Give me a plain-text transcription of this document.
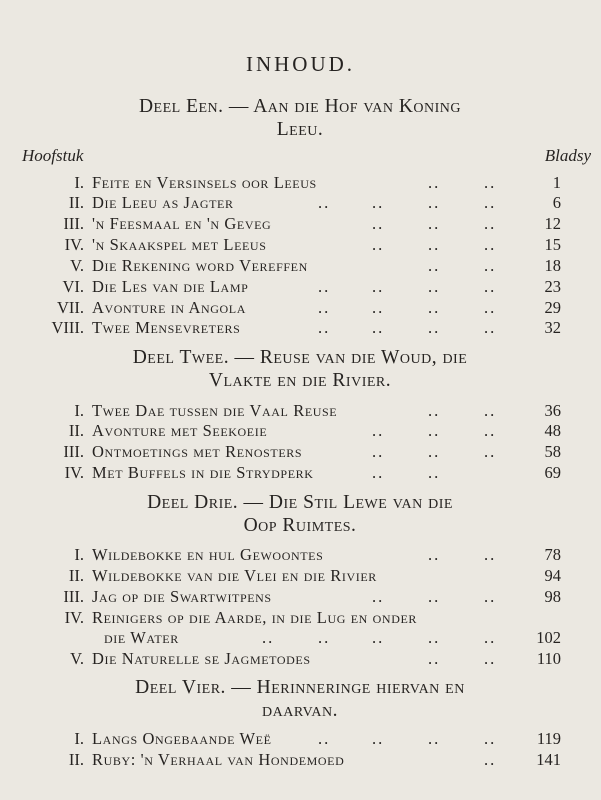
INHOUD.
Deel Een. — Aan die Hof van Koning
Leeu.
Hoofstuk	Bladsy
I. Feite en Versinsels oor Leeus	..	..	1
II. Die Leeu as Jagter	..	..	..	..	6
III. 'n Feesmaal en 'n Geveg	..	..	..	12
IV. 'n Skaakspel met Leeus	..	..	..	15
V. Die Rekening word Vereffen	..	..	18
VI. Die Les van die Lamp	..	..	..	..	23
VII. Avonture in Angola	..	..	..	..	29
VIII. Twee Mensevreters	..	..	..	..	32
Deel Twee. — Reuse van die Woud, die
Vlakte en die Rivier.
I. Twee Dae tussen die Vaal Reuse	..	..	36
II. Avonture met Seekoeie	..	..	..	48
III. Ontmoetings met Renosters	..	..	..	58
IV. Met Buffels in die Strydperk	..	..	69
Deel Drie. — Die Stil Lewe van die
Oop Ruimtes.
I. Wildebokke en hul Gewoontes	..	..	78
II. Wildebokke van die Vlei en die Rivier	94
III. Jag op die Swartwitpens	..	..	..	98
IV. Reinigers op die Aarde, in die Lug en onder
die Water	..	..	..	..	..	102
V. Die Naturelle se Jagmetodes	..	..	110
Deel Vier. — Herinneringe hiervan en
daarvan.
I. Langs Ongebaande Weë	..	..	..	..	119
II. Ruby: 'n Verhaal van Hondemoed	..	141
